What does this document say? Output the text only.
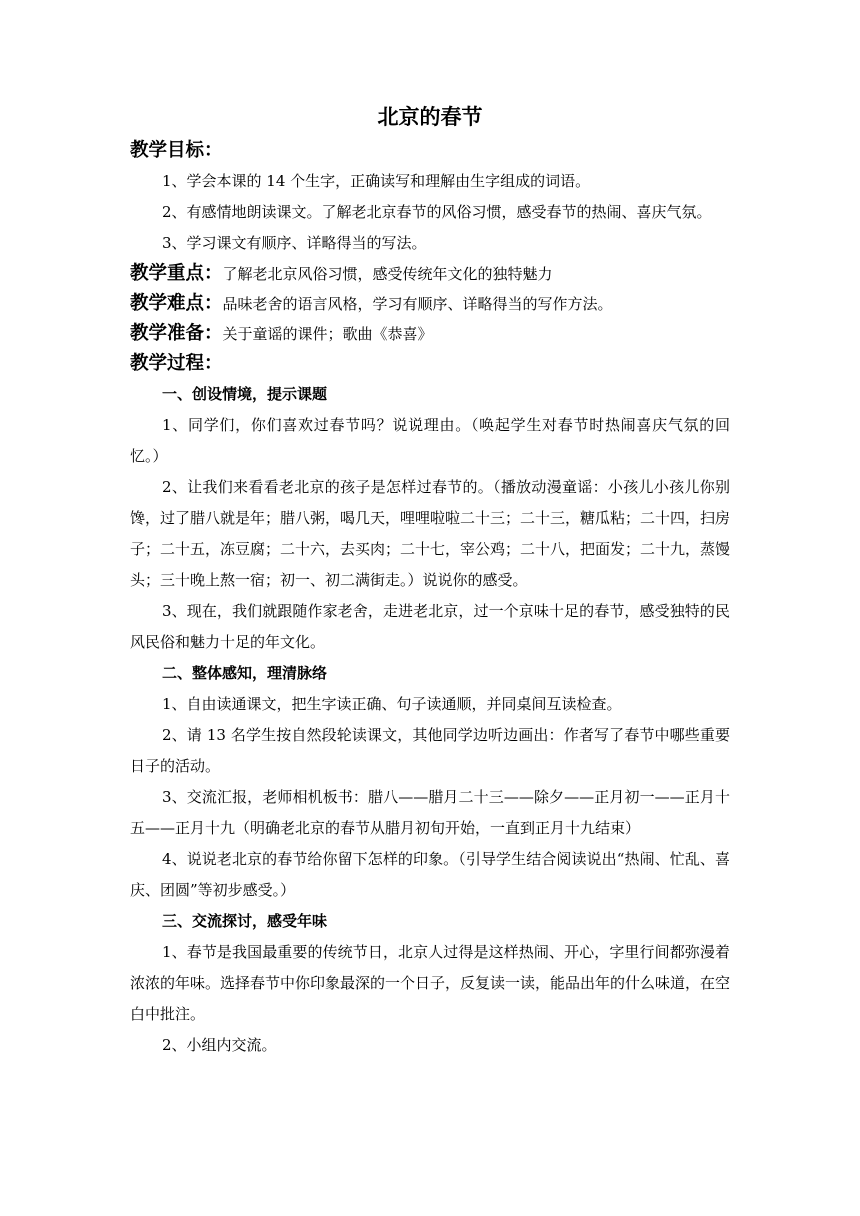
北京的春节
教学目标：

1、学会本课的 14 个生字，正确读写和理解由生字组成的词语。

2、有感情地朗读课文。了解老北京春节的风俗习惯，感受春节的热闹、喜庆气氛。

3、学习课文有顺序、详略得当的写法。

教学重点：了解老北京风俗习惯，感受传统年文化的独特魅力
教学难点：品味老舍的语言风格，学习有顺序、详略得当的写作方法。
教学准备：关于童谣的课件；歌曲《恭喜》
教学过程：
一、创设情境，提示课题

1、同学们，你们喜欢过春节吗？说说理由。（唤起学生对春节时热闹喜庆气氛的回忆。）

2、让我们来看看老北京的孩子是怎样过春节的。（播放动漫童谣：小孩儿小孩儿你别馋，过了腊八就是年；腊八粥，喝几天，哩哩啦啦二十三；二十三，糖瓜粘；二十四，扫房子；二十五，冻豆腐；二十六，去买肉；二十七，宰公鸡；二十八，把面发；二十九，蒸馒头；三十晚上熬一宿；初一、初二满街走。）说说你的感受。

3、现在，我们就跟随作家老舍，走进老北京，过一个京味十足的春节，感受独特的民风民俗和魅力十足的年文化。

二、整体感知，理清脉络

1、自由读通课文，把生字读正确、句子读通顺，并同桌间互读检查。

2、请 13 名学生按自然段轮读课文，其他同学边听边画出：作者写了春节中哪些重要日子的活动。

3、交流汇报，老师相机板书：腊八——腊月二十三——除夕——正月初一——正月十五——正月十九（明确老北京的春节从腊月初旬开始，一直到正月十九结束）

4、说说老北京的春节给你留下怎样的印象。（引导学生结合阅读说出“热闹、忙乱、喜庆、团圆”等初步感受。）

三、交流探讨，感受年味

1、春节是我国最重要的传统节日，北京人过得是这样热闹、开心，字里行间都弥漫着浓浓的年味。选择春节中你印象最深的一个日子，反复读一读，能品出年的什么味道，在空白中批注。

2、小组内交流。
